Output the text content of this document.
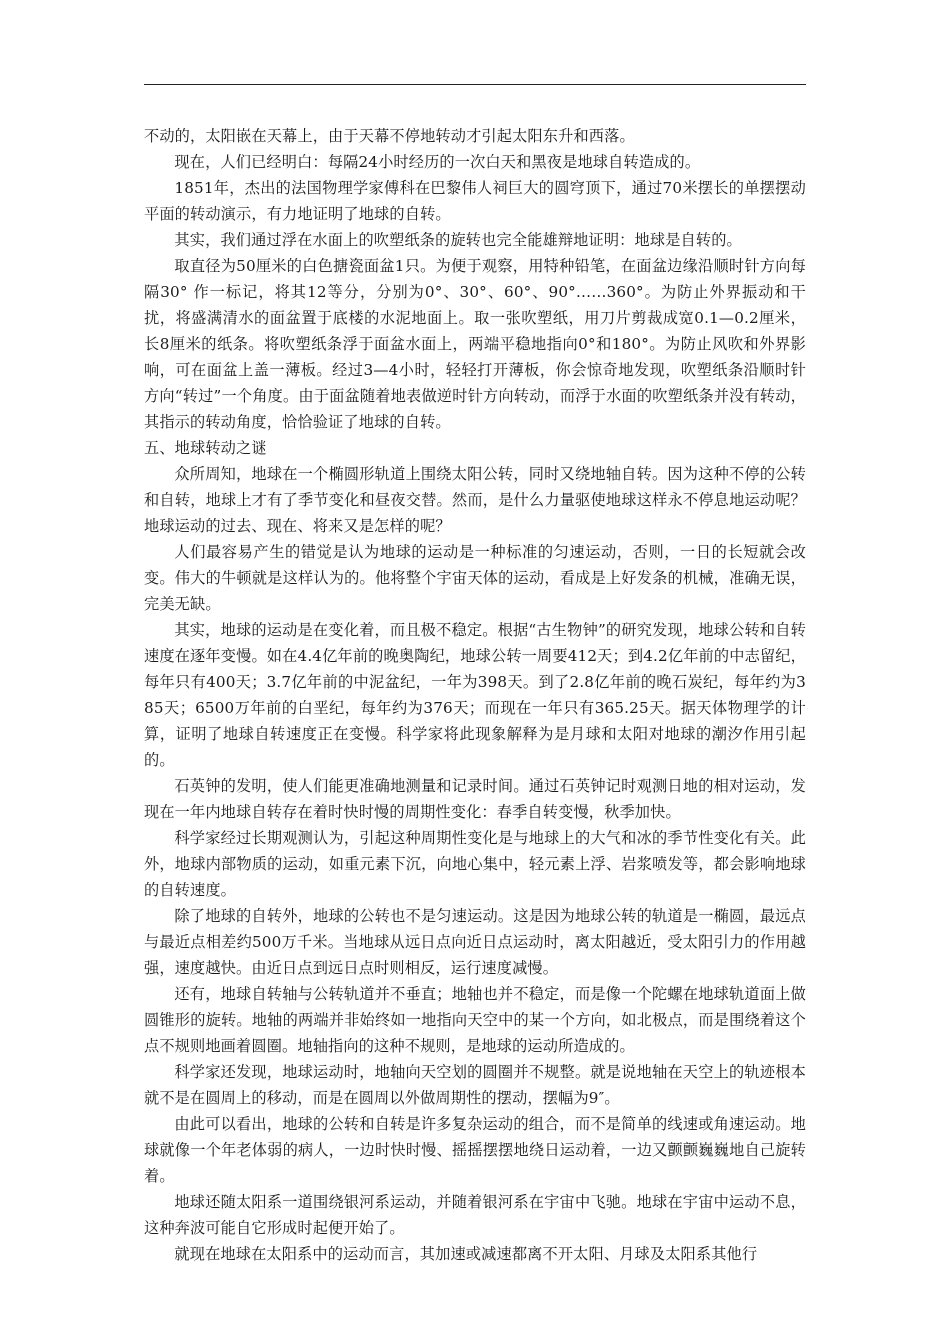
不动的，太阳嵌在天幕上，由于天幕不停地转动才引起太阳东升和西落。

现在，人们已经明白：每隔24小时经历的一次白天和黑夜是地球自转造成的。

1851年，杰出的法国物理学家傅科在巴黎伟人祠巨大的圆穹顶下，通过70米摆长的单摆摆动平面的转动演示，有力地证明了地球的自转。

其实，我们通过浮在水面上的吹塑纸条的旋转也完全能雄辩地证明：地球是自转的。

取直径为50厘米的白色搪瓷面盆1只。为便于观察，用特种铅笔，在面盆边缘沿顺时针方向每隔30° 作一标记，将其12等分，分别为0°、30°、60°、90°……360°。为防止外界振动和干扰，将盛满清水的面盆置于底楼的水泥地面上。取一张吹塑纸，用刀片剪裁成宽0.1—0.2厘米，长8厘米的纸条。将吹塑纸条浮于面盆水面上，两端平稳地指向0°和180°。为防止风吹和外界影响，可在面盆上盖一薄板。经过3—4小时，轻轻打开薄板，你会惊奇地发现，吹塑纸条沿顺时针方向“转过”一个角度。由于面盆随着地表做逆时针方向转动，而浮于水面的吹塑纸条并没有转动，其指示的转动角度，恰恰验证了地球的自转。

五、地球转动之谜

众所周知，地球在一个椭圆形轨道上围绕太阳公转，同时又绕地轴自转。因为这种不停的公转和自转，地球上才有了季节变化和昼夜交替。然而，是什么力量驱使地球这样永不停息地运动呢？地球运动的过去、现在、将来又是怎样的呢？

人们最容易产生的错觉是认为地球的运动是一种标准的匀速运动，否则，一日的长短就会改变。伟大的牛顿就是这样认为的。他将整个宇宙天体的运动，看成是上好发条的机械，准确无误，完美无缺。

其实，地球的运动是在变化着，而且极不稳定。根据“古生物钟”的研究发现，地球公转和自转速度在逐年变慢。如在4.4亿年前的晚奥陶纪，地球公转一周要412天；到4.2亿年前的中志留纪，每年只有400天；3.7亿年前的中泥盆纪，一年为398天。到了2.8亿年前的晚石炭纪，每年约为385天；6500万年前的白垩纪，每年约为376天；而现在一年只有365.25天。据天体物理学的计算，证明了地球自转速度正在变慢。科学家将此现象解释为是月球和太阳对地球的潮汐作用引起的。

石英钟的发明，使人们能更准确地测量和记录时间。通过石英钟记时观测日地的相对运动，发现在一年内地球自转存在着时快时慢的周期性变化：春季自转变慢，秋季加快。

科学家经过长期观测认为，引起这种周期性变化是与地球上的大气和冰的季节性变化有关。此外，地球内部物质的运动，如重元素下沉，向地心集中，轻元素上浮、岩浆喷发等，都会影响地球的自转速度。

除了地球的自转外，地球的公转也不是匀速运动。这是因为地球公转的轨道是一椭圆，最远点与最近点相差约500万千米。当地球从远日点向近日点运动时，离太阳越近，受太阳引力的作用越强，速度越快。由近日点到远日点时则相反，运行速度减慢。

还有，地球自转轴与公转轨道并不垂直；地轴也并不稳定，而是像一个陀螺在地球轨道面上做圆锥形的旋转。地轴的两端并非始终如一地指向天空中的某一个方向，如北极点，而是围绕着这个点不规则地画着圆圈。地轴指向的这种不规则，是地球的运动所造成的。

科学家还发现，地球运动时，地轴向天空划的圆圈并不规整。就是说地轴在天空上的轨迹根本就不是在圆周上的移动，而是在圆周以外做周期性的摆动，摆幅为9″。

由此可以看出，地球的公转和自转是许多复杂运动的组合，而不是简单的线速或角速运动。地球就像一个年老体弱的病人，一边时快时慢、摇摇摆摆地绕日运动着，一边又颤颤巍巍地自己旋转着。

地球还随太阳系一道围绕银河系运动，并随着银河系在宇宙中飞驰。地球在宇宙中运动不息，这种奔波可能自它形成时起便开始了。

就现在地球在太阳系中的运动而言，其加速或减速都离不开太阳、月球及太阳系其他行
